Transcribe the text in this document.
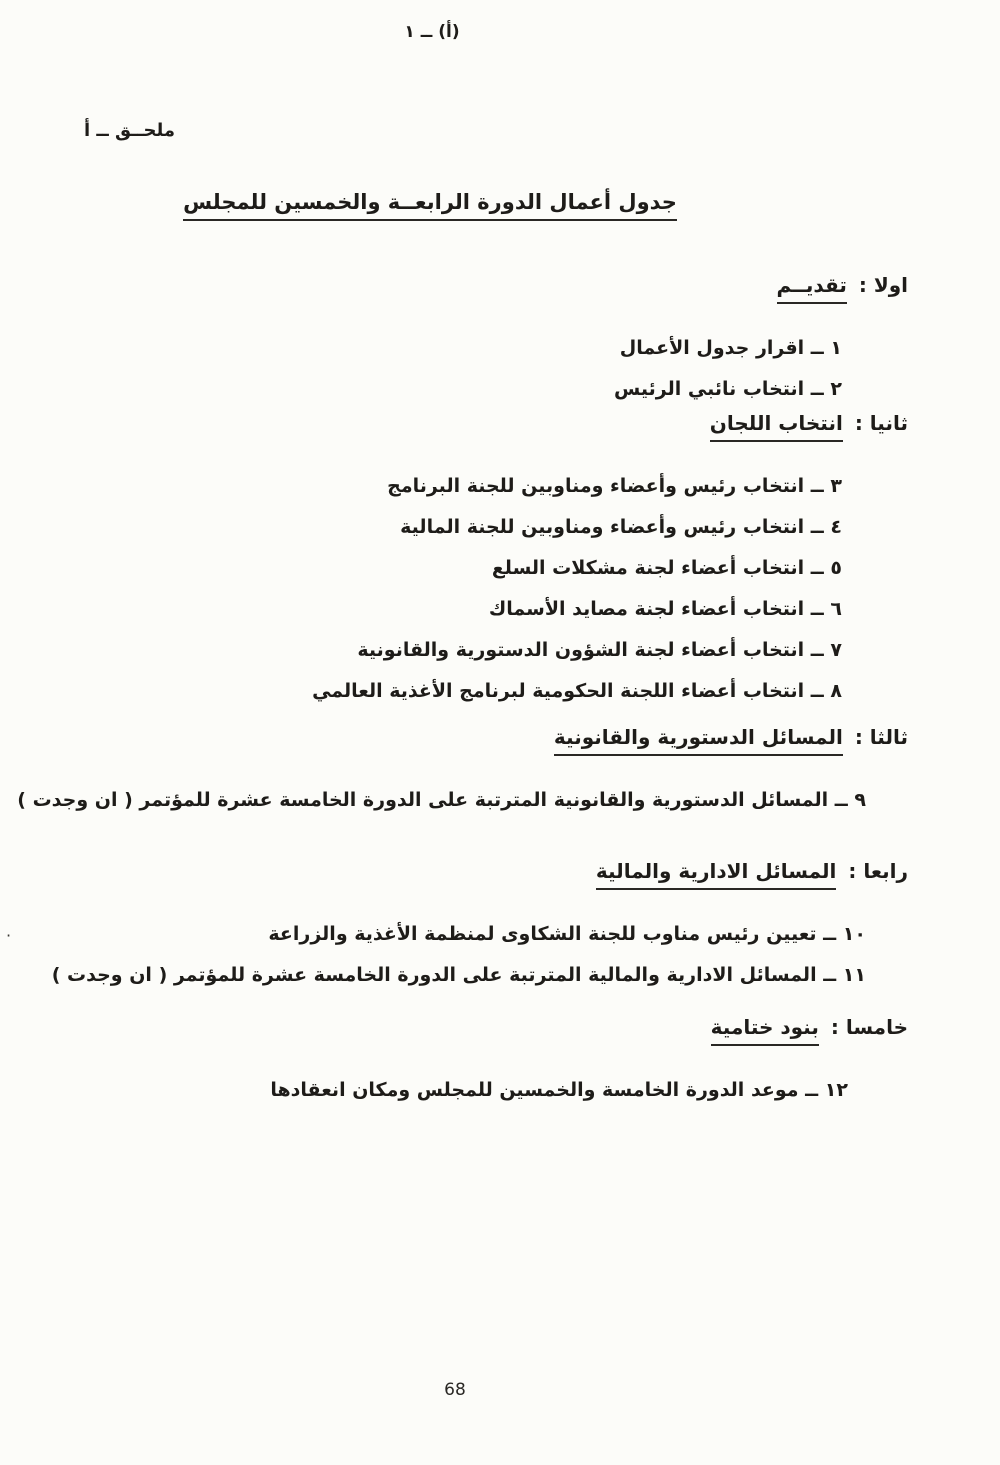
(أ) ــ ١
ملحــق ــ أ
جدول أعمال الدورة الرابعــة والخمسين للمجلس
اولا :تقديــم
١ ــ اقرار جدول الأعمال
٢ ــ انتخاب نائبي الرئيس
ثانيا :انتخاب اللجان
٣ ــ انتخاب رئيس وأعضاء ومناوبين للجنة البرنامج
٤ ــ انتخاب رئيس وأعضاء ومناوبين للجنة المالية
٥ ــ انتخاب أعضاء لجنة مشكلات السلع
٦ ــ انتخاب أعضاء لجنة مصايد الأسماك
٧ ــ انتخاب أعضاء لجنة الشؤون الدستورية والقانونية
٨ ــ انتخاب أعضاء اللجنة الحكومية لبرنامج الأغذية العالمي
ثالثا :المسائل الدستورية والقانونية
٩ ــ المسائل الدستورية والقانونية المترتبة على الدورة الخامسة عشرة للمؤتمر ( ان وجدت )
رابعا :المسائل الادارية والمالية
١٠ ــ تعيين رئيس مناوب للجنة الشكاوى لمنظمة الأغذية والزراعة
١١ ــ المسائل الادارية والمالية المترتبة على الدورة الخامسة عشرة للمؤتمر ( ان وجدت )
خامسا :بنود ختامية
١٢ ــ موعد الدورة الخامسة والخمسين للمجلس ومكان انعقادها
·
68
